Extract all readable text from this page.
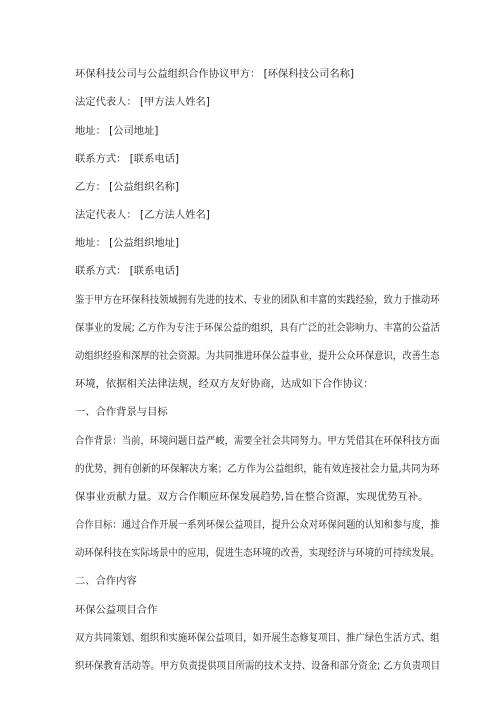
环保科技公司与公益组织合作协议甲方： [环保科技公司名称]
法定代表人： [甲方法人姓名]
地址： [公司地址]
联系方式： [联系电话]
乙方： [公益组织名称]
法定代表人： [乙方法人姓名]
地址： [公益组织地址]
联系方式： [联系电话]
鉴于甲方在环保科技领域拥有先进的技术、专业的团队和丰富的实践经验，致力于推动环
保事业的发展; 乙方作为专注于环保公益的组织，具有广泛的社会影响力、丰富的公益活
动组织经验和深厚的社会资源。为共同推进环保公益事业，提升公众环保意识，改善生态
环境，依据相关法律法规，经双方友好协商，达成如下合作协议：
一、合作背景与目标
合作背景：当前，环境问题日益严峻，需要全社会共同努力。甲方凭借其在环保科技方面
的优势，拥有创新的环保解决方案；乙方作为公益组织，能有效连接社会力量,共同为环
保事业贡献力量。双方合作顺应环保发展趋势,旨在整合资源，实现优势互补。
合作目标：通过合作开展一系列环保公益项目，提升公众对环保问题的认知和参与度，推
动环保科技在实际场景中的应用，促进生态环境的改善，实现经济与环境的可持续发展。
二、合作内容
环保公益项目合作
双方共同策划、组织和实施环保公益项目，如开展生态修复项目、推广绿色生活方式、组
织环保教育活动等。甲方负责提供项目所需的技术支持、设备和部分资金; 乙方负责项目
